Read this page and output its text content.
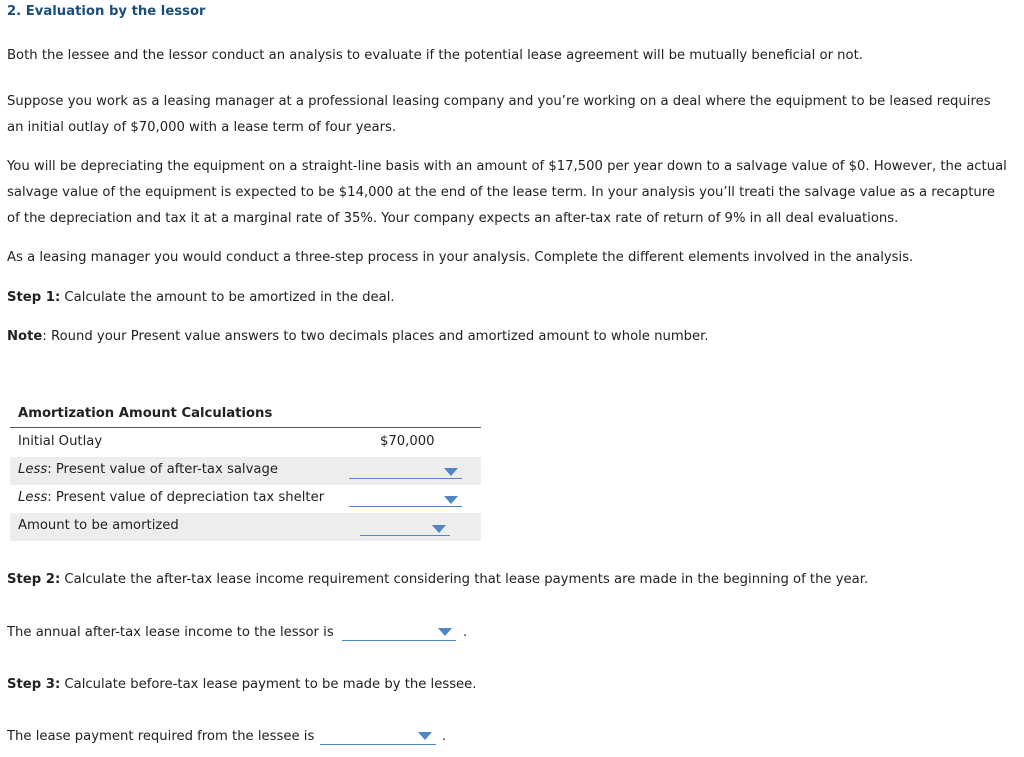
2. Evaluation by the lessor
Both the lessee and the lessor conduct an analysis to evaluate if the potential lease agreement will be mutually beneficial or not.
Suppose you work as a leasing manager at a professional leasing company and you’re working on a deal where the equipment to be leased requires an initial outlay of $70,000 with a lease term of four years.
You will be depreciating the equipment on a straight-line basis with an amount of $17,500 per year down to a salvage value of $0. However, the actual salvage value of the equipment is expected to be $14,000 at the end of the lease term. In your analysis you’ll treati the salvage value as a recapture of the depreciation and tax it at a marginal rate of 35%. Your company expects an after-tax rate of return of 9% in all deal evaluations.
As a leasing manager you would conduct a three-step process in your analysis. Complete the different elements involved in the analysis.
Step 1: Calculate the amount to be amortized in the deal.
Note: Round your Present value answers to two decimals places and amortized amount to whole number.
Amortization Amount Calculations
Initial Outlay	$70,000
Less: Present value of after-tax salvage
Less: Present value of depreciation tax shelter
Amount to be amortized
Step 2: Calculate the after-tax lease income requirement considering that lease payments are made in the beginning of the year.
The annual after-tax lease income to the lessor is	.
Step 3: Calculate before-tax lease payment to be made by the lessee.
The lease payment required from the lessee is	.
